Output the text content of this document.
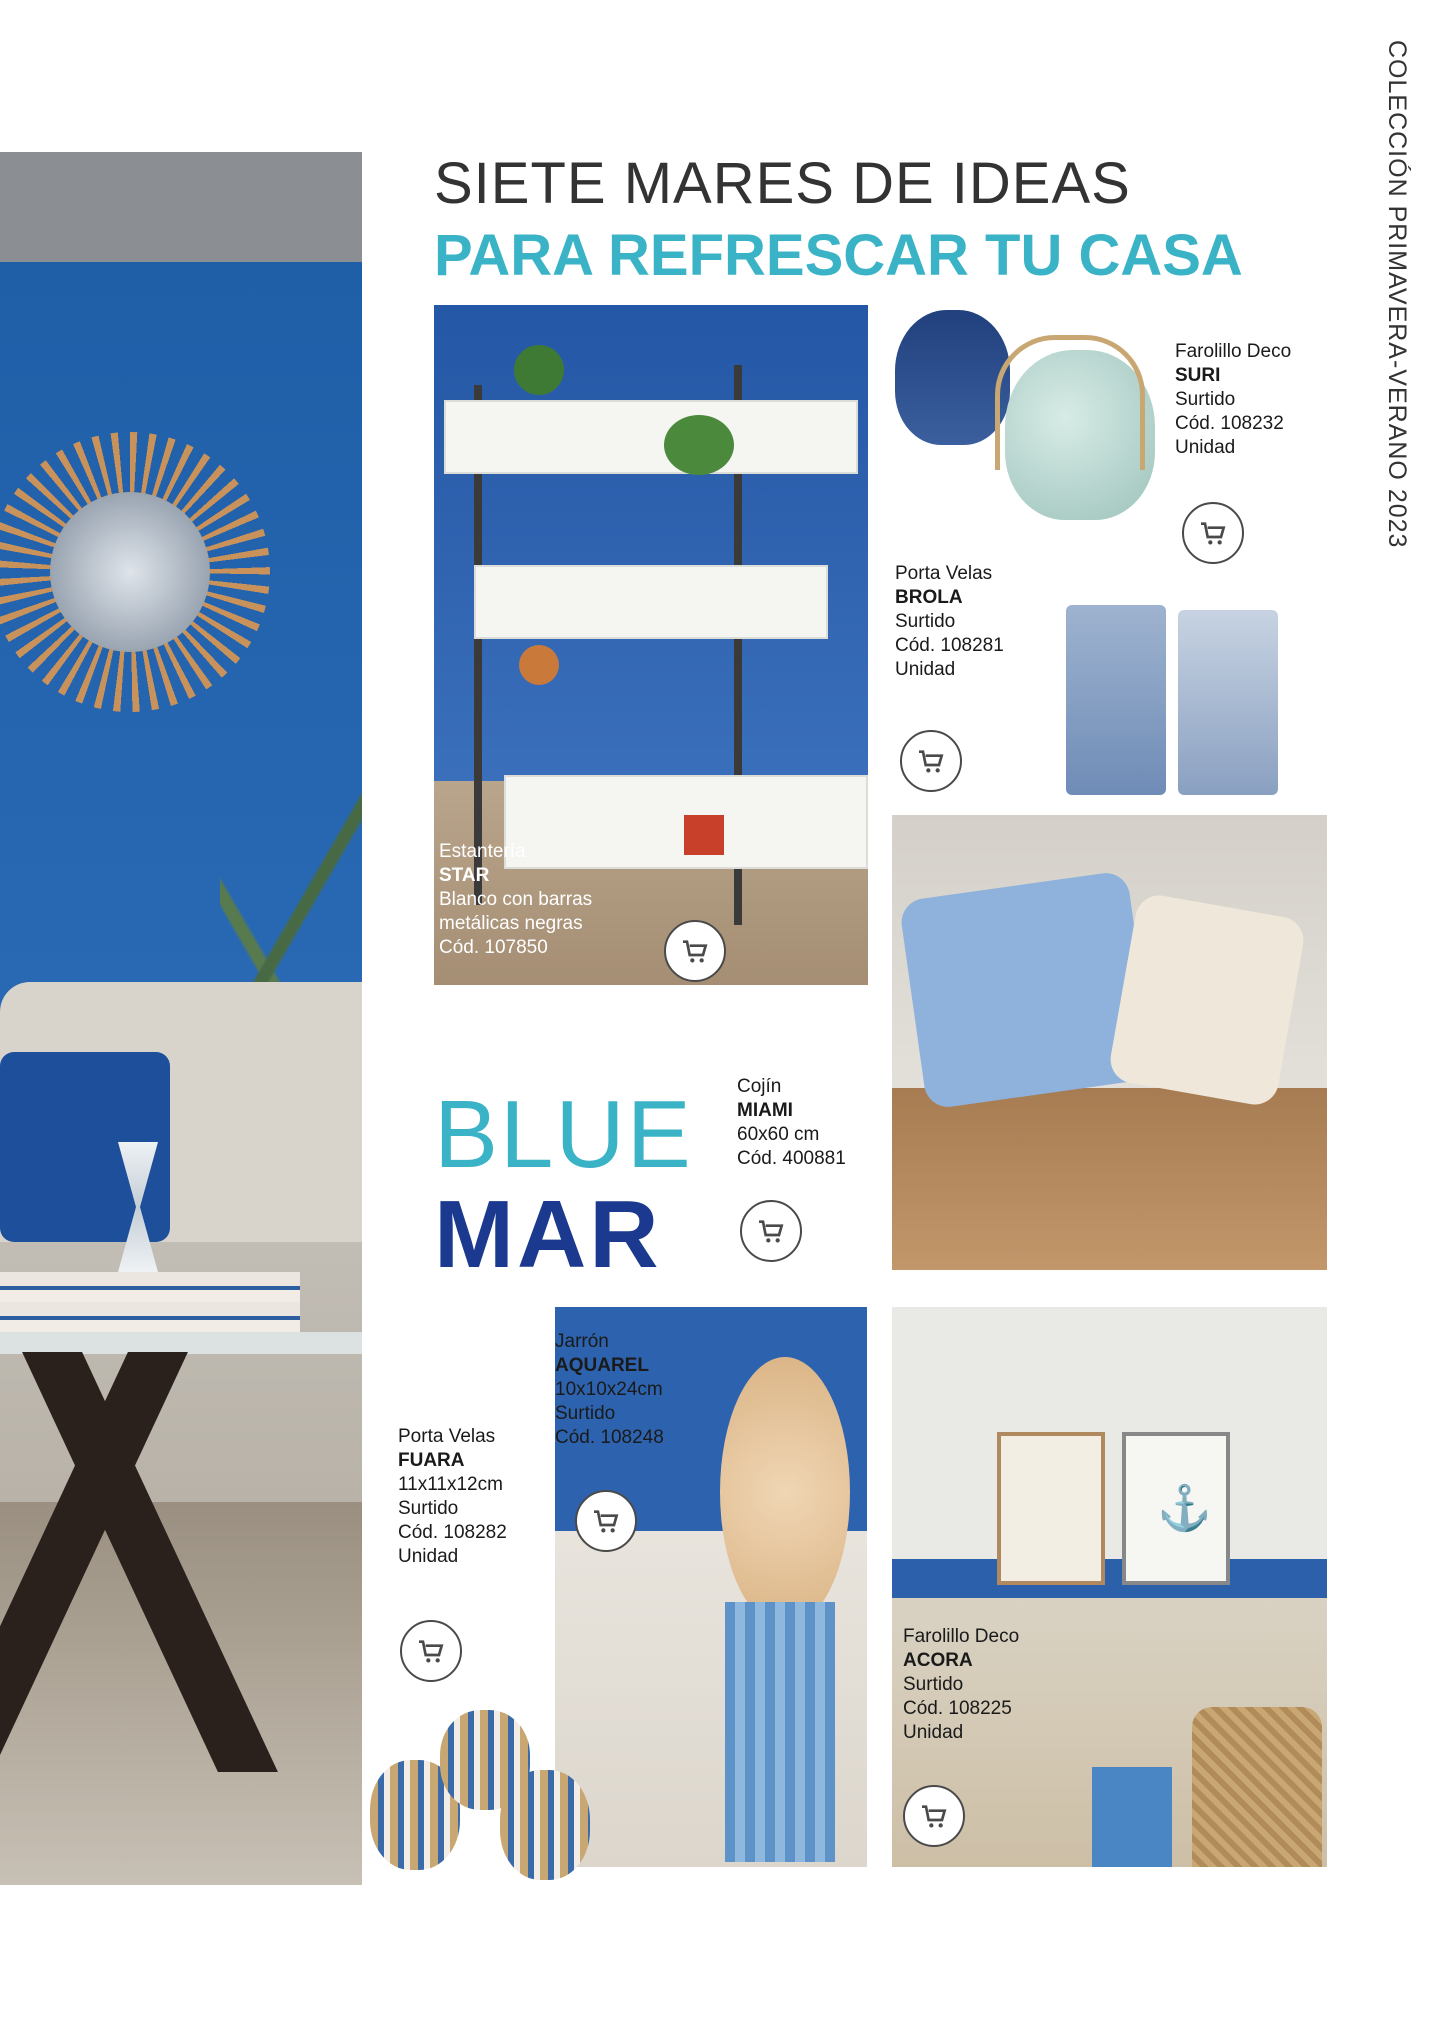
COLECCIÓN PRIMAVERA-VERANO 2023
SIETE MARES DE IDEAS
PARA REFRESCAR TU CASA
Estantería
STAR
Blanco con barras
metálicas negras
Cód. 107850
Farolillo Deco
SURI
Surtido
Cód. 108232
Unidad
Porta Velas
BROLA
Surtido
Cód. 108281
Unidad
Cojín
MIAMI
60x60 cm
Cód. 400881
BLUE
MAR
Jarrón
AQUAREL
10x10x24cm
Surtido
Cód. 108248
Porta Velas
FUARA
11x11x12cm
Surtido
Cód. 108282
Unidad
⚓
Farolillo Deco
ACORA
Surtido
Cód. 108225
Unidad
